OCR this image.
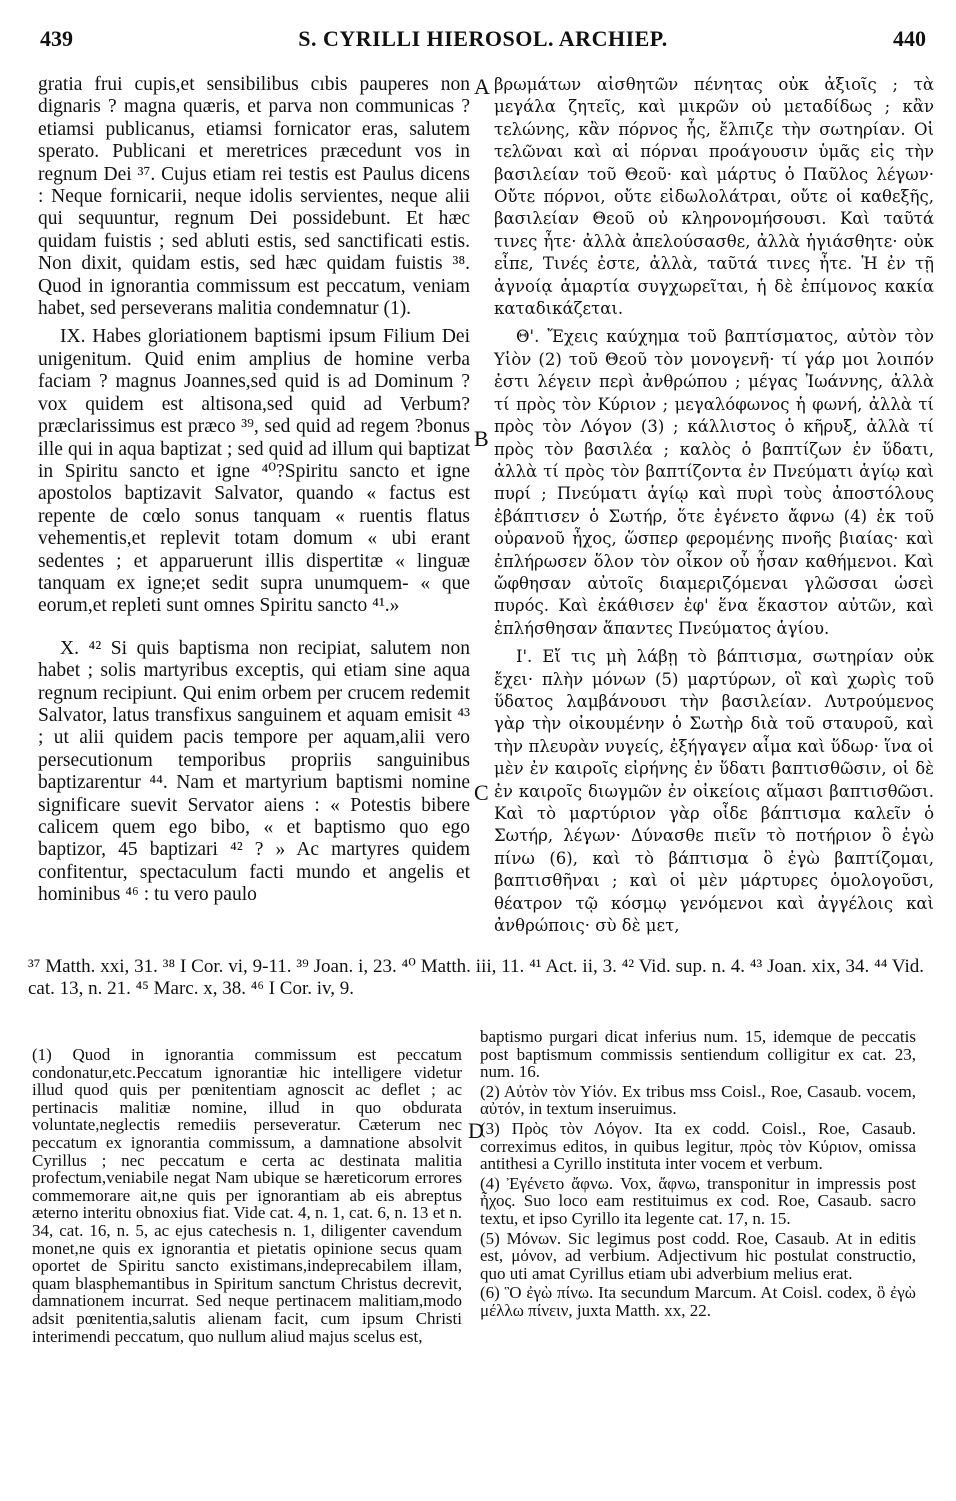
439	S. CYRILLI HIEROSOL. ARCHIEP.	440

gratia frui cupis,et sensibilibus cıbis pauperes non dignaris ? magna quæris, et parva non communicas ? etiamsi publicanus, etiamsi fornicator eras, salutem sperato. Publicani et meretrices præcedunt vos in regnum Dei ³⁷. Cujus etiam rei testis est Paulus dicens : Neque fornicarii, neque idolis servientes, neque alii qui sequuntur, regnum Dei possidebunt. Et hæc quidam fuistis ; sed abluti estis, sed sanctificati estis. Non dixit, quidam estis, sed hæc quidam fuistis ³⁸. Quod in ignorantia commissum est peccatum, veniam habet, sed perseverans malitia condemnatur (1).

IX. Habes gloriationem baptismi ipsum Filium Dei unigenitum. Quid enim amplius de homine verba faciam ? magnus Joannes,sed quid is ad Dominum ? vox quidem est altisona,sed quid ad Verbum? præclarissimus est præco ³⁹, sed quid ad regem ?bonus ille qui in aqua baptizat ; sed quid ad illum qui baptizat in Spiritu sancto et igne ⁴⁰?Spiritu sancto et igne apostolos baptizavit Salvator, quando « factus est repente de cœlo sonus tanquam « ruentis flatus vehementis,et replevit totam domum « ubi erant sedentes ; et apparuerunt illis dispertitæ « linguæ tanquam ex igne;et sedit supra unumquem- « que eorum,et repleti sunt omnes Spiritu sancto ⁴¹.»

X. ⁴² Si quis baptisma non recipiat, salutem non habet ; solis martyribus exceptis, qui etiam sine aqua regnum recipiunt. Qui enim orbem per crucem redemit Salvator, latus transfixus sanguinem et aquam emisit ⁴³ ; ut alii quidem pacis tempore per aquam,alii vero persecutionum temporibus propriis sanguinibus baptizarentur ⁴⁴. Nam et martyrium baptismi nomine significare suevit Servator aiens : « Potestis bibere calicem quem ego bibo, « et baptismo quo ego baptizor, 45 baptizari ⁴² ? » Ac martyres quidem confitentur, spectaculum facti mundo et angelis et hominibus ⁴⁶ : tu vero paulo

βρωμάτων αἰσθητῶν πένητας οὐκ ἀξιοῖς ; τὰ μεγάλα ζητεῖς, καὶ μικρῶν οὐ μεταδίδως ; κἂν τελώνης, κἂν πόρνος ἧς, ἔλπιζε τὴν σωτηρίαν. Οἱ τελῶναι καὶ αἱ πόρναι προάγουσιν ὑμᾶς εἰς τὴν βασιλείαν τοῦ Θεοῦ· καὶ μάρτυς ὁ Παῦλος λέγων· Οὔτε πόρνοι, οὔτε εἰδωλολάτραι, οὔτε οἱ καθεξῆς, βασιλείαν Θεοῦ οὐ κληρονομήσουσι. Καὶ ταῦτά τινες ἦτε· ἀλλὰ ἀπελούσασθε, ἀλλὰ ἡγιάσθητε· οὐκ εἶπε, Τινές ἐστε, ἀλλὰ, ταῦτά τινες ἦτε. Ἡ ἐν τῇ ἀγνοίᾳ ἁμαρτία συγχωρεῖται, ἡ δὲ ἐπίμονος κακία καταδικάζεται.

Θ'. Ἔχεις καύχημα τοῦ βαπτίσματος, αὐτὸν τὸν Υἱὸν (2) τοῦ Θεοῦ τὸν μονογενῆ· τί γάρ μοι λοιπόν ἐστι λέγειν περὶ ἀνθρώπου ; μέγας Ἰωάννης, ἀλλὰ τί πρὸς τὸν Κύριον ; μεγαλόφωνος ἡ φωνή, ἀλλὰ τί πρὸς τὸν Λόγον (3) ; κάλλιστος ὁ κῆρυξ, ἀλλὰ τί πρὸς τὸν βασιλέα ; καλὸς ὁ βαπτίζων ἐν ὕδατι, ἀλλὰ τί πρὸς τὸν βαπτίζοντα ἐν Πνεύματι ἁγίῳ καὶ πυρί ; Πνεύματι ἁγίῳ καὶ πυρὶ τοὺς ἀποστόλους ἐβάπτισεν ὁ Σωτήρ, ὅτε ἐγένετο ἄφνω (4) ἐκ τοῦ οὐρανοῦ ἦχος, ὥσπερ φερομένης πνοῆς βιαίας· καὶ ἐπλήρωσεν ὅλον τὸν οἶκον οὗ ἦσαν καθήμενοι. Καὶ ὤφθησαν αὐτοῖς διαμεριζόμεναι γλῶσσαι ὡσεὶ πυρός. Καὶ ἐκάθισεν ἐφ' ἕνα ἕκαστον αὐτῶν, καὶ ἐπλήσθησαν ἅπαντες Πνεύματος ἁγίου.

Ι'. Εἴ τις μὴ λάβῃ τὸ βάπτισμα, σωτηρίαν οὐκ ἔχει· πλὴν μόνων (5) μαρτύρων, οἳ καὶ χωρὶς τοῦ ὕδατος λαμβάνουσι τὴν βασιλείαν. Λυτρούμενος γὰρ τὴν οἰκουμένην ὁ Σωτὴρ διὰ τοῦ σταυροῦ, καὶ τὴν πλευρὰν νυγείς, ἐξήγαγεν αἷμα καὶ ὕδωρ· ἵνα οἱ μὲν ἐν καιροῖς εἰρήνης ἐν ὕδατι βαπτισθῶσιν, οἱ δὲ ἐν καιροῖς διωγμῶν ἐν οἰκείοις αἵμασι βαπτισθῶσι. Καὶ τὸ μαρτύριον γὰρ οἶδε βάπτισμα καλεῖν ὁ Σωτήρ, λέγων· Δύνασθε πιεῖν τὸ ποτήριον ὃ ἐγὼ πίνω (6), καὶ τὸ βάπτισμα ὃ ἐγὼ βαπτίζομαι, βαπτισθῆναι ; καὶ οἱ μὲν μάρτυρες ὁμολογοῦσι, θέατρον τῷ κόσμῳ γενόμενοι καὶ ἀγγέλοις καὶ ἀνθρώποις· σὺ δὲ μετ,

A
B
C
D
³⁷ Matth. xxi, 31. ³⁸ I Cor. vi, 9-11. ³⁹ Joan. i, 23. ⁴⁰ Matth. iii, 11. ⁴¹ Act. ii, 3. ⁴² Vid. sup. n. 4. ⁴³ Joan. xix, 34. ⁴⁴ Vid. cat. 13, n. 21. ⁴⁵ Marc. x, 38. ⁴⁶ I Cor. iv, 9.

(1) Quod in ignorantia commissum est peccatum condonatur,etc.Peccatum ignorantiæ hic intelligere videtur illud quod quis per pœnitentiam agnoscit ac deflet ; ac pertinacis malitiæ nomine, illud in quo obdurata voluntate,neglectis remediis perseveratur. Cæterum nec peccatum ex ignorantia commissum, a damnatione absolvit Cyrillus ; nec peccatum e certa ac destinata malitia profectum,veniabile negat Nam ubique se hæreticorum errores commemorare ait,ne quis per ignorantiam ab eis abreptus æterno interitu obnoxius fiat. Vide cat. 4, n. 1, cat. 6, n. 13 et n. 34, cat. 16, n. 5, ac ejus catechesis n. 1, diligenter cavendum monet,ne quis ex ignorantia et pietatis opinione secus quam oportet de Spiritu sancto existimans,indeprecabilem illam, quam blasphemantibus in Spiritum sanctum Christus decrevit, damnationem incurrat. Sed neque pertinacem malitiam,modo adsit pœnitentia,salutis alienam facit, cum ipsum Christi interimendi peccatum, quo nullum aliud majus scelus est,

baptismo purgari dicat inferius num. 15, idemque de peccatis post baptismum commissis sentiendum colligitur ex cat. 23, num. 16.

(2) Αὐτὸν τὸν Υἱόν. Ex tribus mss Coisl., Roe, Casaub. vocem, αὐτόν, in textum inseruimus.

(3) Πρὸς τὸν Λόγον. Ita ex codd. Coisl., Roe, Casaub. correximus editos, in quibus legitur, πρὸς τὸν Κύριον, omissa antithesi a Cyrillo instituta inter vocem et verbum.

(4) Ἐγένετο ἄφνω. Vox, ἄφνω, transponitur in impressis post ἦχος. Suo loco eam restituimus ex cod. Roe, Casaub. sacro textu, et ipso Cyrillo ita legente cat. 17, n. 15.

(5) Μόνων. Sic legimus post codd. Roe, Casaub. At in editis est, μόνον, ad verbium. Adjectivum hic postulat constructio, quo uti amat Cyrillus etiam ubi adverbium melius erat.

(6) Ὃ ἐγὼ πίνω. Ita secundum Marcum. At Coisl. codex, ὃ ἐγὼ μέλλω πίνειν, juxta Matth. xx, 22.
